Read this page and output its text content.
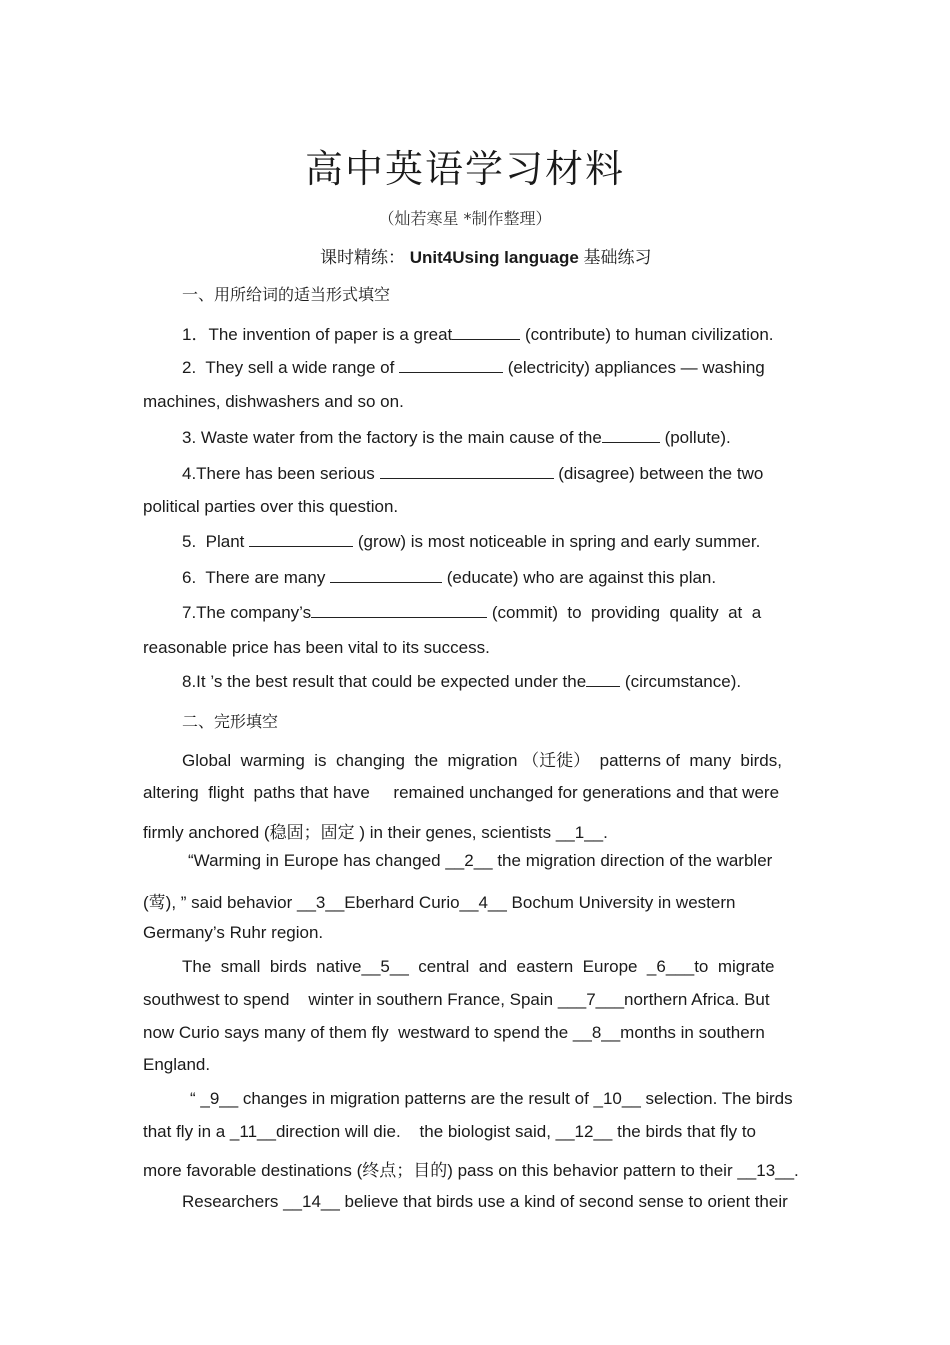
高中英语学习材料
（灿若寒星 *制作整理）
课时精练： Unit4Using language 基础练习
一、用所给词的适当形式填空
1．The invention of paper is a great	(contribute) to human civilization.
2.  They sell a wide range of	(electricity) appliances — washing
machines, dishwashers and so on.
3. Waste water from the factory is the main cause of the	(pollute).
4.There has been serious	(disagree) between the two
political parties over this question.
5.  Plant	(grow) is most noticeable in spring and early summer.
6.  There are many	(educate) who are against this plan.
7.The company’s	(commit)  to  providing  quality  at  a
reasonable price has been vital to its success.
8.It ’s the best result that could be expected under the (circumstance).
二、完形填空
Global  warming  is  changing  the  migration （迁徙）  patterns of  many  birds,
altering  flight  paths that have     remained unchanged for generations and that were
firmly anchored (稳固；固定 ) in their genes, scientists __1__.
“Warming in Europe has changed __2__ the migration direction of the warbler
(莺), ” said behavior __3__Eberhard Curio__4__ Bochum University in western
Germany’s Ruhr region.
The  small  birds  native__5__  central  and  eastern  Europe  _6___to  migrate
southwest to spend    winter in southern France, Spain ___7___northern Africa. But
now Curio says many of them fly  westward to spend the __8__months in southern
England.
“ _9__ changes in migration patterns are the result of _10__ selection. The birds
that fly in a _11__direction will die.    the biologist said, __12__ the birds that fly to
more favorable destinations (终点；目的) pass on this behavior pattern to their __13__.
Researchers __14__ believe that birds use a kind of second sense to orient their
